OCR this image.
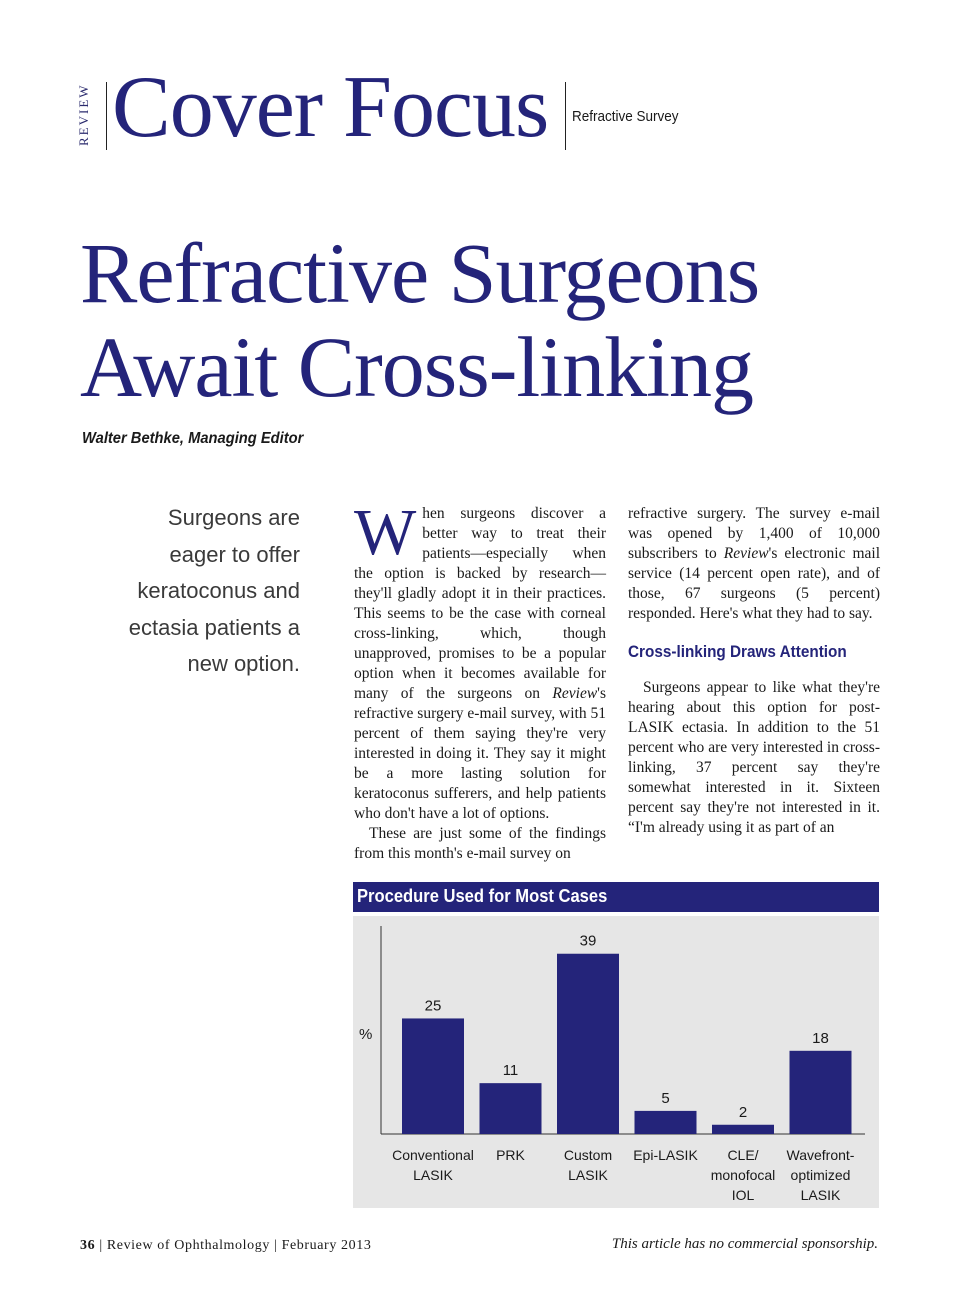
REVIEW Cover Focus Refractive Survey
Refractive Surgeons
Await Cross-linking
Walter Bethke, Managing Editor
Surgeons are eager to offer keratoconus and ectasia patients a new option.

When surgeons discover a better way to treat their patients—especially when the option is backed by research—they'll gladly adopt it in their practices. This seems to be the case with corneal cross-linking, which, though unapproved, promises to be a popular option when it becomes available for many of the surgeons on Review's refractive surgery e-mail survey, with 51 percent of them saying they're very interested in doing it. They say it might be a more lasting solution for keratoconus sufferers, and help patients who don't have a lot of options.

These are just some of the findings from this month's e-mail survey on

refractive surgery. The survey e-mail was opened by 1,400 of 10,000 subscribers to Review's electronic mail service (14 percent open rate), and of those, 67 surgeons (5 percent) responded. Here's what they had to say.

Cross-linking Draws Attention

Surgeons appear to like what they're hearing about this option for post-LASIK ectasia. In addition to the 51 percent who are very interested in cross-linking, 37 percent say they're somewhat interested in it. Sixteen percent say they're not interested in it. “I'm already using it as part of an

Procedure Used for Most Cases
%
25
Conventional
LASIK
11
PRK
39
Custom
LASIK
5
Epi-LASIK
2
CLE/
monofocal
IOL
18
Wavefront-
optimized
LASIK
36 | Review of Ophthalmology | February 2013	This article has no commercial sponsorship.
